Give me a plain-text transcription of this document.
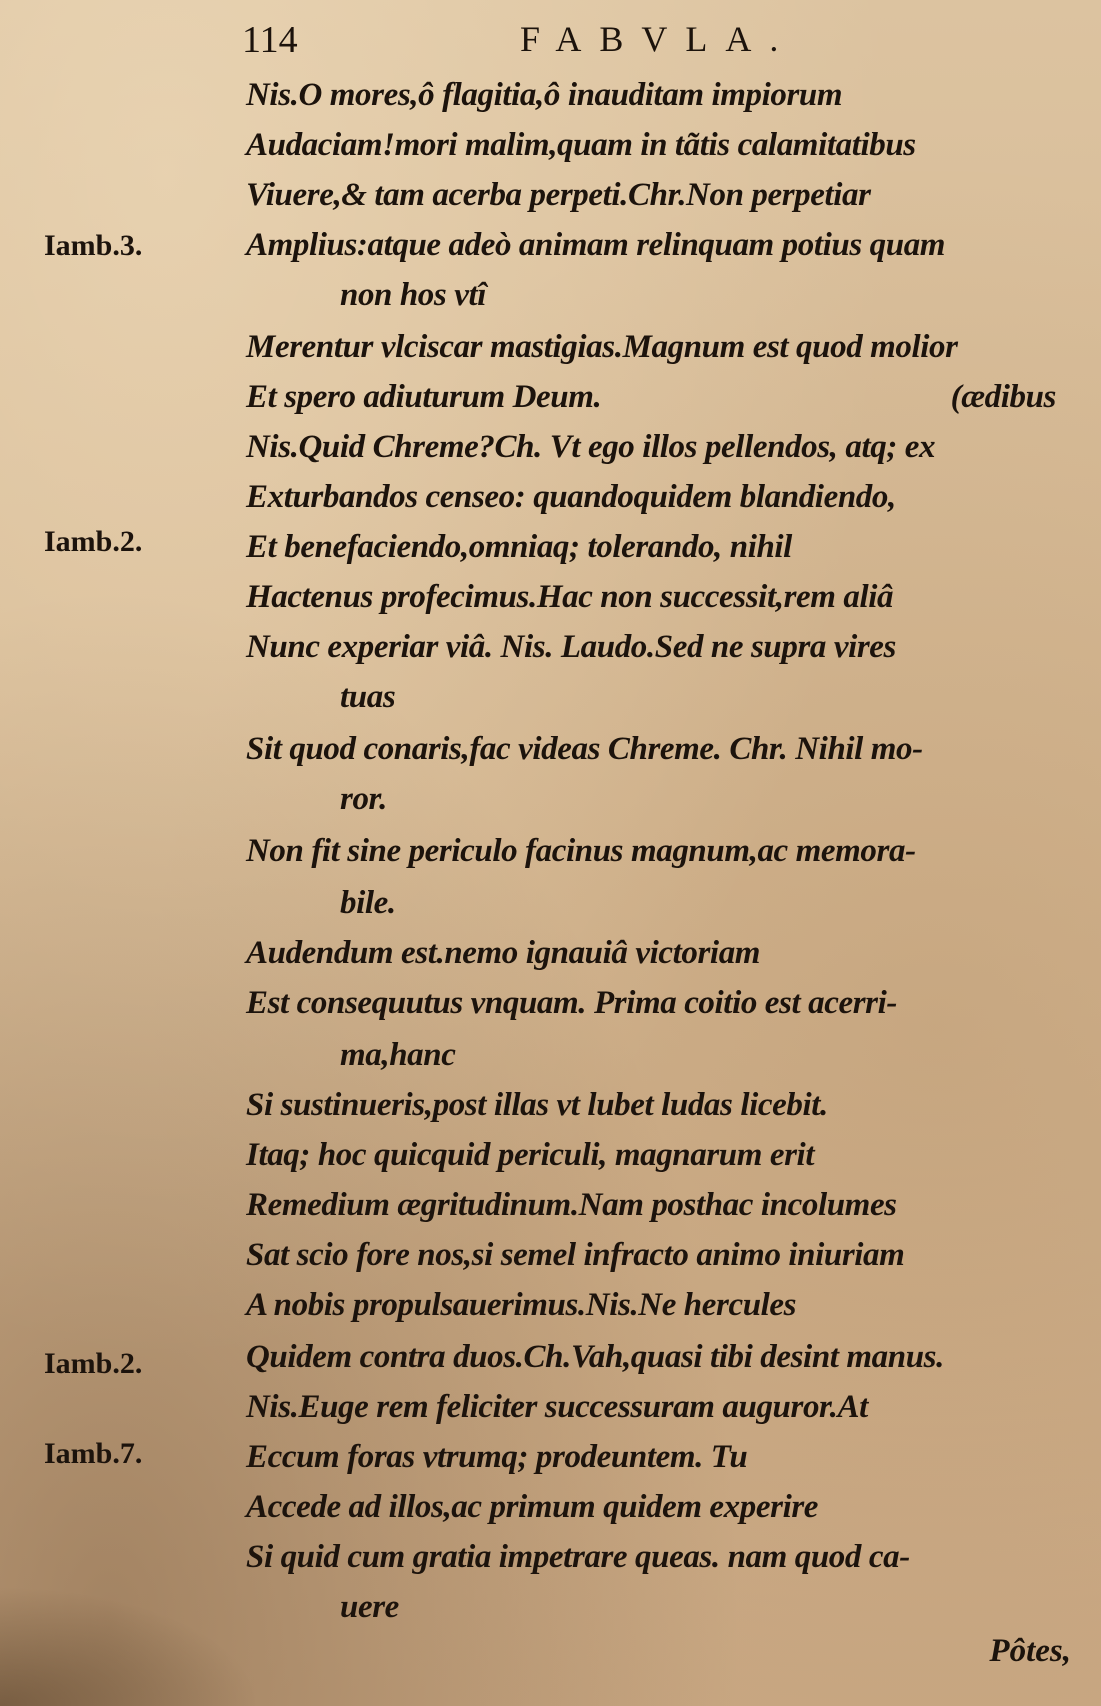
114	FABVLA.
Iamb.3.
Iamb.2.
Iamb.2.
Iamb.7.
Nis.O mores,ô flagitia,ô inauditam impiorum
Audaciam!mori malim,quam in tãtis calamitatibus
Viuere,& tam acerba perpeti.Chr.Non perpetiar
Amplius:atque adeò animam relinquam potius quam
non hos vtî
Merentur vlciscar mastigias.Magnum est quod molior
Et spero adiuturum Deum.	(ædibus
Nis.Quid Chreme?Ch. Vt ego illos pellendos, atq; ex
Exturbandos censeo: quandoquidem blandiendo,
Et benefaciendo,omniaq; tolerando, nihil
Hactenus profecimus.Hac non successit,rem aliâ
Nunc experiar viâ. Nis. Laudo.Sed ne supra vires
tuas
Sit quod conaris,fac videas Chreme. Chr. Nihil mo-
ror.
Non fit sine periculo facinus magnum,ac memora-
bile.
Audendum est.nemo ignauiâ victoriam
Est consequutus vnquam. Prima coitio est acerri-
ma,hanc
Si sustinueris,post illas vt lubet ludas licebit.
Itaq; hoc quicquid periculi, magnarum erit
Remedium ægritudinum.Nam posthac incolumes
Sat scio fore nos,si semel infracto animo iniuriam
A nobis propulsauerimus.Nis.Ne hercules
Quidem contra duos.Ch.Vah,quasi tibi desint manus.
Nis.Euge rem feliciter successuram auguror.At
Eccum foras vtrumq; prodeuntem. Tu
Accede ad illos,ac primum quidem experire
Si quid cum gratia impetrare queas. nam quod ca-
uere
Pôtes,
